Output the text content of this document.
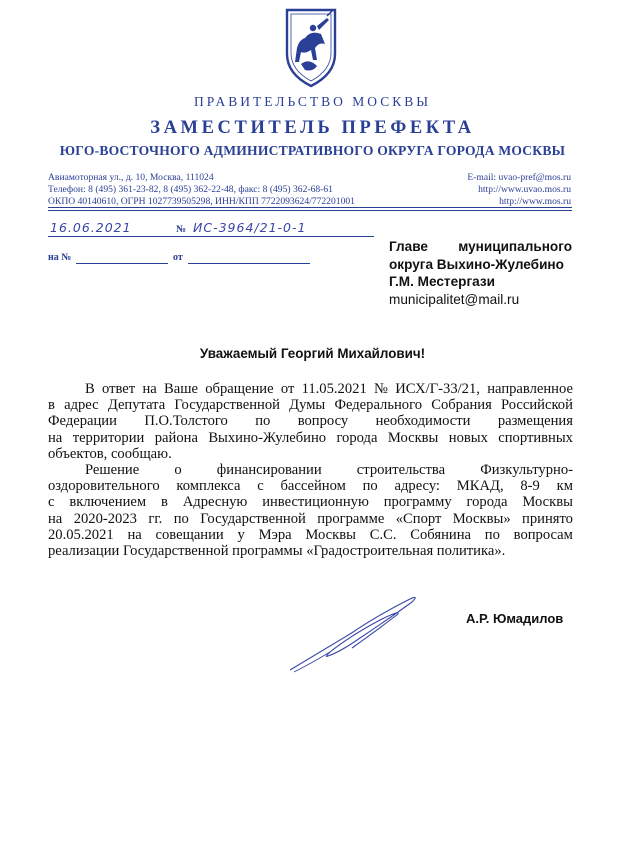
ПРАВИТЕЛЬСТВО МОСКВЫ
ЗАМЕСТИТЕЛЬ ПРЕФЕКТА
ЮГО-ВОСТОЧНОГО АДМИНИСТРАТИВНОГО ОКРУГА ГОРОДА МОСКВЫ
Авиамоторная ул., д. 10, Москва, 111024	E-mail: uvao-pref@mos.ru
Телефон: 8 (495) 361-23-82, 8 (495) 362-22-48, факс: 8 (495) 362-68-61	http://www.uvao.mos.ru
ОКПО 40140610, ОГРН 1027739505298, ИНН/КПП 7722093624/772201001	http://www.mos.ru
16.06.2021	№ ИС-3964/21-0-1
на №	от
Главе муниципального
округа Выхино-Жулебино
Г.М. Местергази
municipalitet@mail.ru
Уважаемый Георгий Михайлович!
В ответ на Ваше обращение от 11.05.2021 № ИСХ/Г-33/21, направленное
в адрес Депутата Государственной Думы Федерального Собрания Российской
Федерации П.О.Толстого по вопросу необходимости размещения
на территории района Выхино-Жулебино города Москвы новых спортивных
объектов, сообщаю.
Решение о финансировании строительства Физкультурно-
оздоровительного комплекса с бассейном по адресу: МКАД, 8-9 км
с включением в Адресную инвестиционную программу города Москвы
на 2020-2023 гг. по Государственной программе «Спорт Москвы» принято
20.05.2021 на совещании у Мэра Москвы С.С. Собянина по вопросам
реализации Государственной программы «Градостроительная политика».
А.Р. Юмадилов
